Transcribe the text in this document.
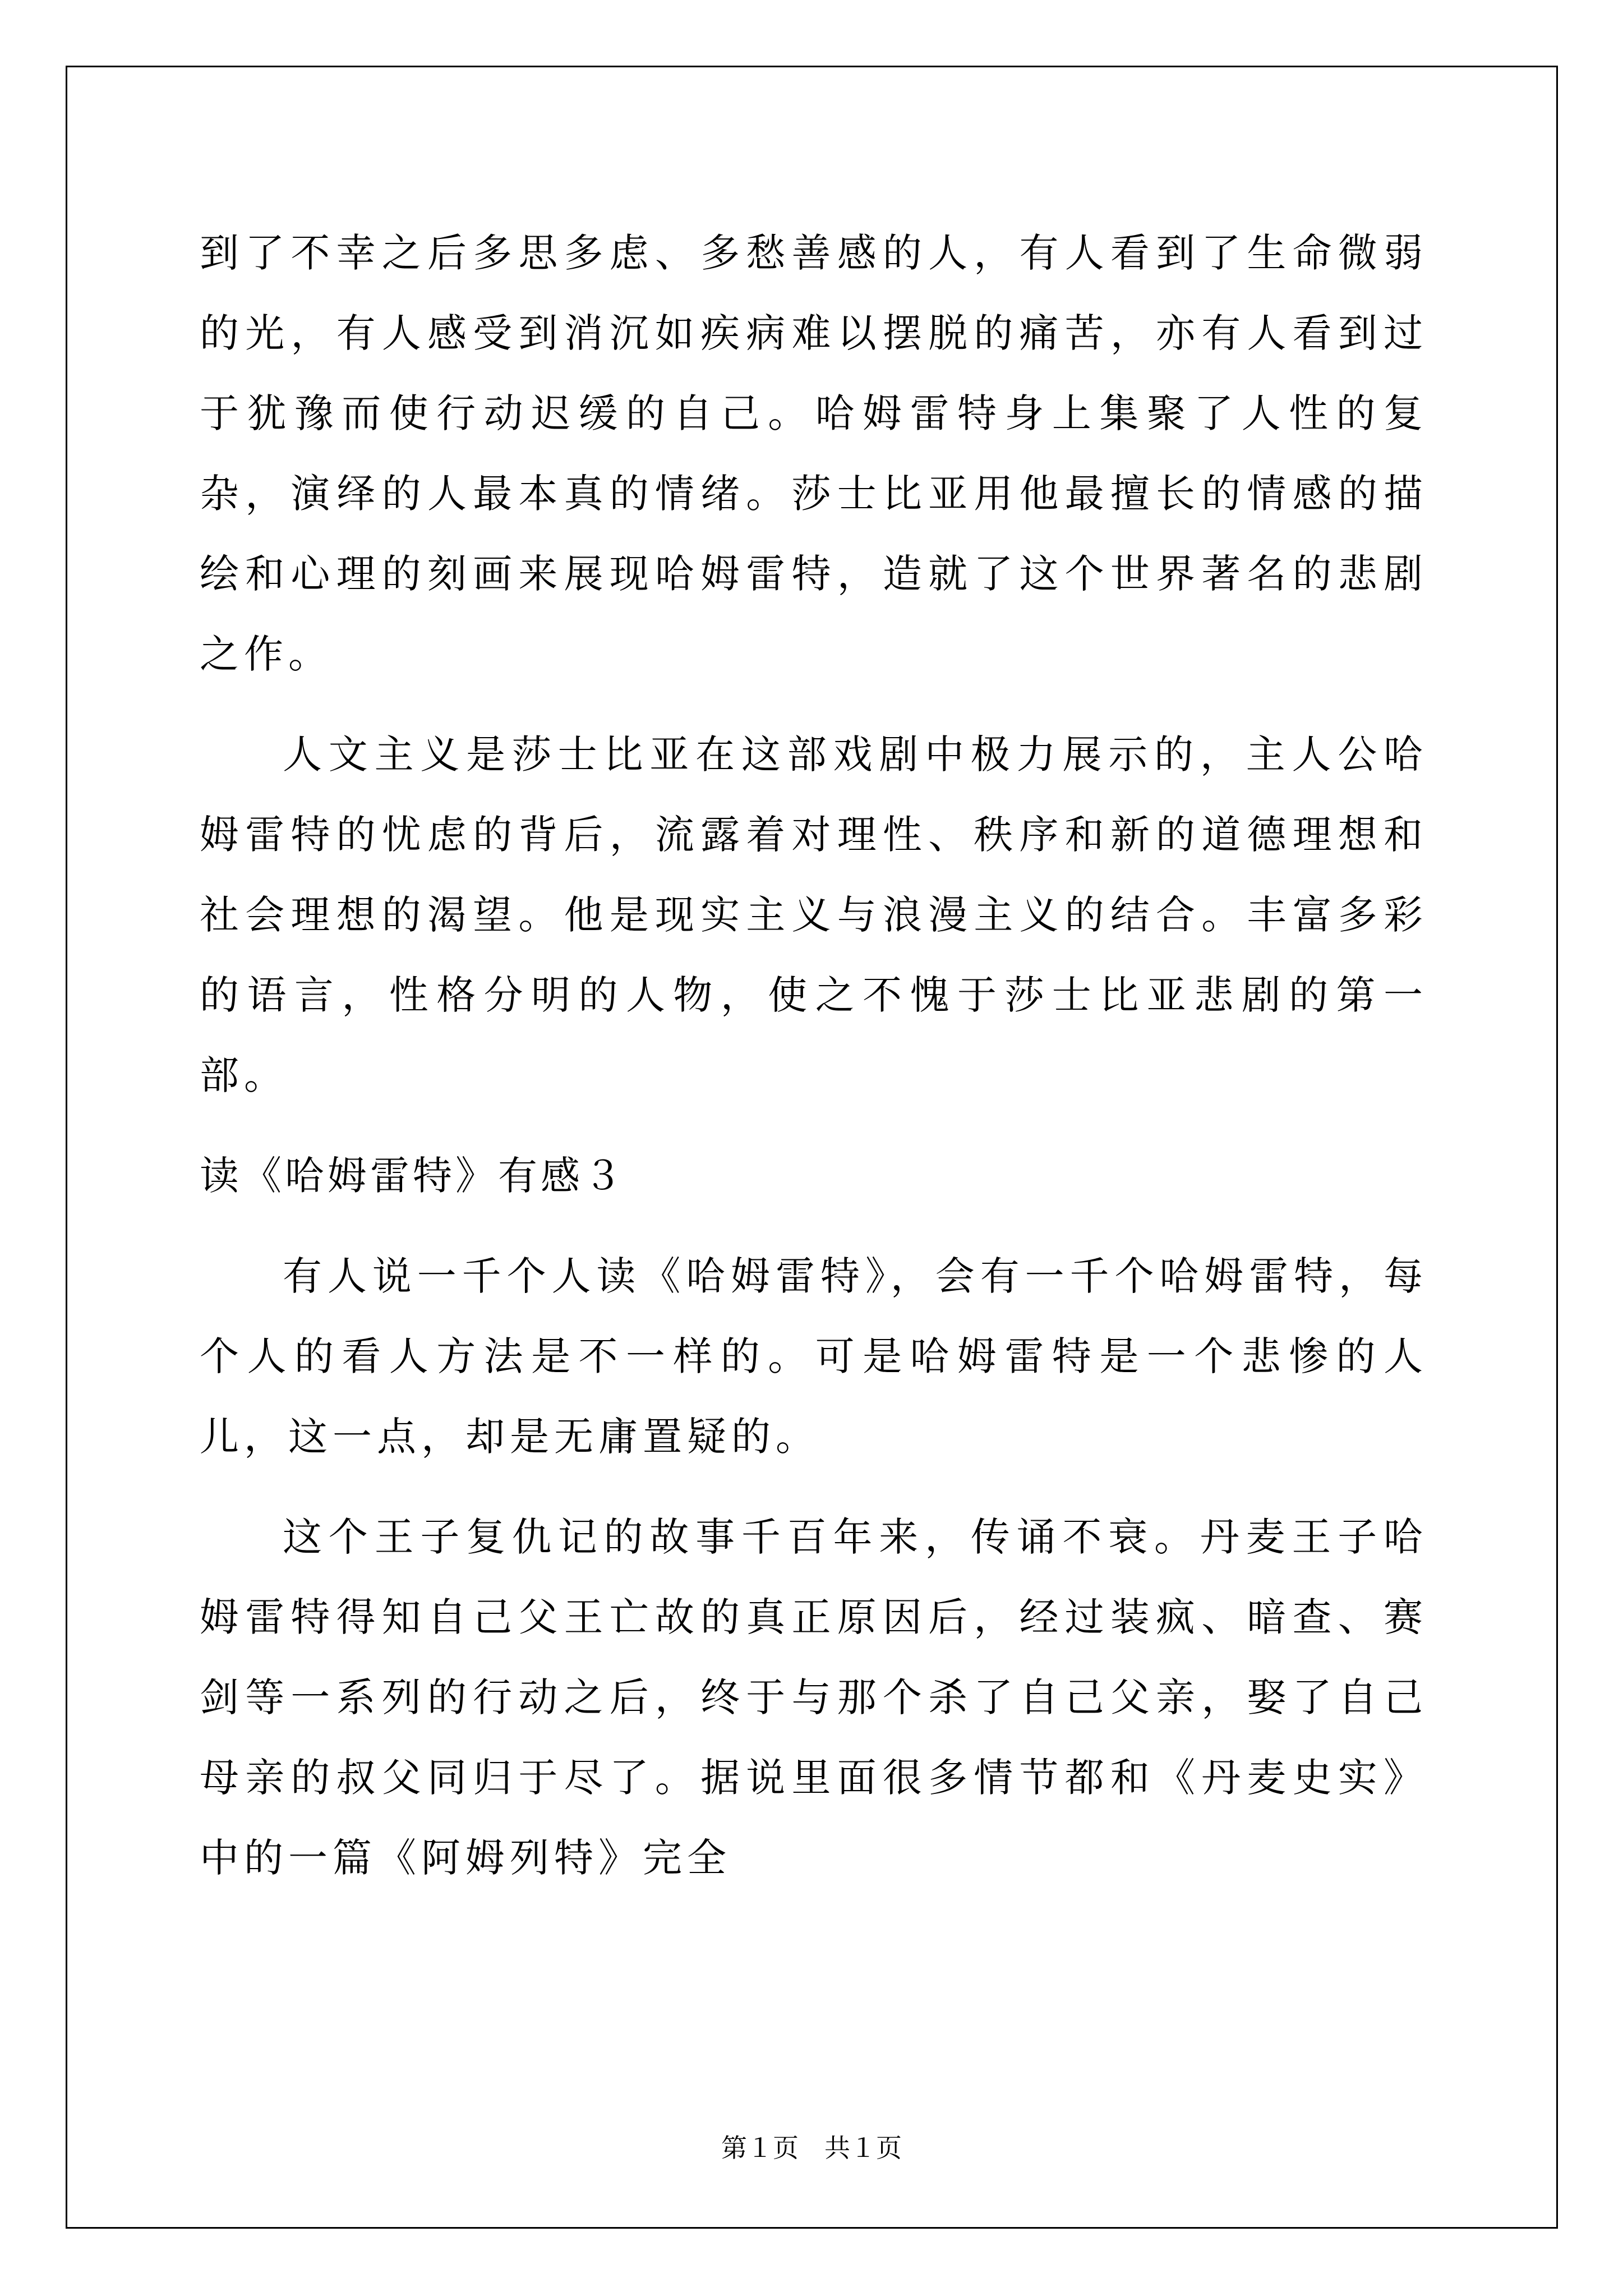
到了不幸之后多思多虑、多愁善感的人，有人看到了生命微弱的光，有人感受到消沉如疾病难以摆脱的痛苦，亦有人看到过于犹豫而使行动迟缓的自己。哈姆雷特身上集聚了人性的复杂，演绎的人最本真的情绪。莎士比亚用他最擅长的情感的描绘和心理的刻画来展现哈姆雷特，造就了这个世界著名的悲剧之作。

人文主义是莎士比亚在这部戏剧中极力展示的，主人公哈姆雷特的忧虑的背后，流露着对理性、秩序和新的道德理想和社会理想的渴望。他是现实主义与浪漫主义的结合。丰富多彩的语言，性格分明的人物，使之不愧于莎士比亚悲剧的第一部。

读《哈姆雷特》有感３

有人说一千个人读《哈姆雷特》，会有一千个哈姆雷特，每个人的看人方法是不一样的。可是哈姆雷特是一个悲惨的人儿，这一点，却是无庸置疑的。

这个王子复仇记的故事千百年来，传诵不衰。丹麦王子哈姆雷特得知自己父王亡故的真正原因后，经过装疯、暗查、赛剑等一系列的行动之后，终于与那个杀了自己父亲，娶了自己母亲的叔父同归于尽了。据说里面很多情节都和《丹麦史实》中的一篇《阿姆列特》完全

第１页　共１页
